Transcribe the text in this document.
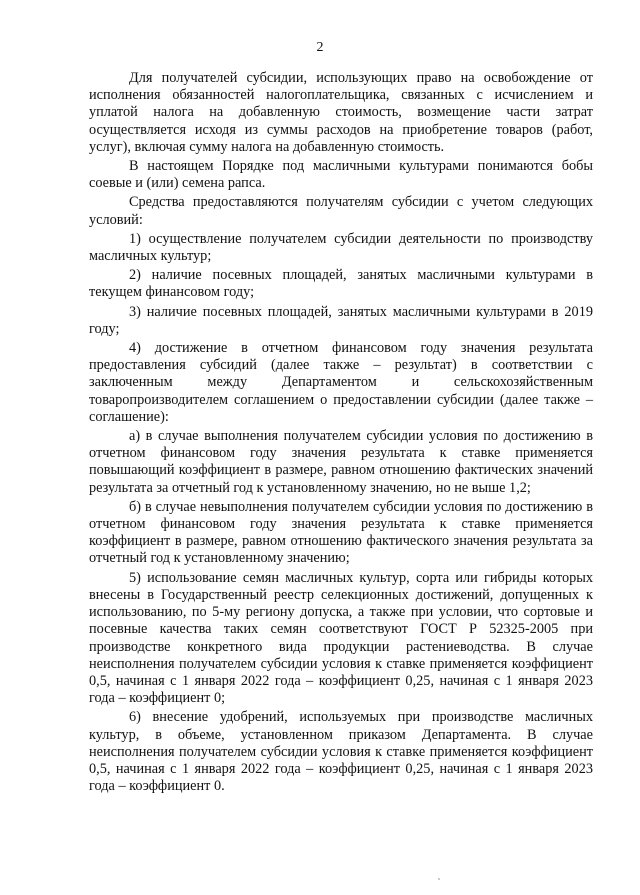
2

Для получателей субсидии, использующих право на освобождение от исполнения обязанностей налогоплательщика, связанных с исчислением и уплатой налога на добавленную стоимость, возмещение части затрат осуществляется исходя из суммы расходов на приобретение товаров (работ, услуг), включая сумму налога на добавленную стоимость.

В настоящем Порядке под масличными культурами понимаются бобы соевые и (или) семена рапса.

Средства предоставляются получателям субсидии с учетом следующих условий:

1) осуществление получателем субсидии деятельности по производству масличных культур;

2) наличие посевных площадей, занятых масличными культурами в текущем финансовом году;

3) наличие посевных площадей, занятых масличными культурами в 2019 году;

4) достижение в отчетном финансовом году значения результата предоставления субсидий (далее также – результат) в соответствии с заключенным между Департаментом и сельскохозяйственным товаропроизводителем соглашением о предоставлении субсидии (далее также – соглашение):

а) в случае выполнения получателем субсидии условия по достижению в отчетном финансовом году значения результата к ставке применяется повышающий коэффициент в размере, равном отношению фактических значений результата за отчетный год к установленному значению, но не выше 1,2;

б) в случае невыполнения получателем субсидии условия по достижению в отчетном финансовом году значения результата к ставке применяется коэффициент в размере, равном отношению фактического значения результата за отчетный год к установленному значению;

5) использование семян масличных культур, сорта или гибриды которых внесены в Государственный реестр селекционных достижений, допущенных к использованию, по 5-му региону допуска, а также при условии, что сортовые и посевные качества таких семян соответствуют ГОСТ Р 52325-2005 при производстве конкретного вида продукции растениеводства. В случае неисполнения получателем субсидии условия к ставке применяется коэффициент 0,5, начиная с 1 января 2022 года – коэффициент 0,25, начиная с 1 января 2023 года – коэффициент 0;

6) внесение удобрений, используемых при производстве масличных культур, в объеме, установленном приказом Департамента. В случае неисполнения получателем субсидии условия к ставке применяется коэффициент 0,5, начиная с 1 января 2022 года – коэффициент 0,25, начиная с 1 января 2023 года – коэффициент 0.
